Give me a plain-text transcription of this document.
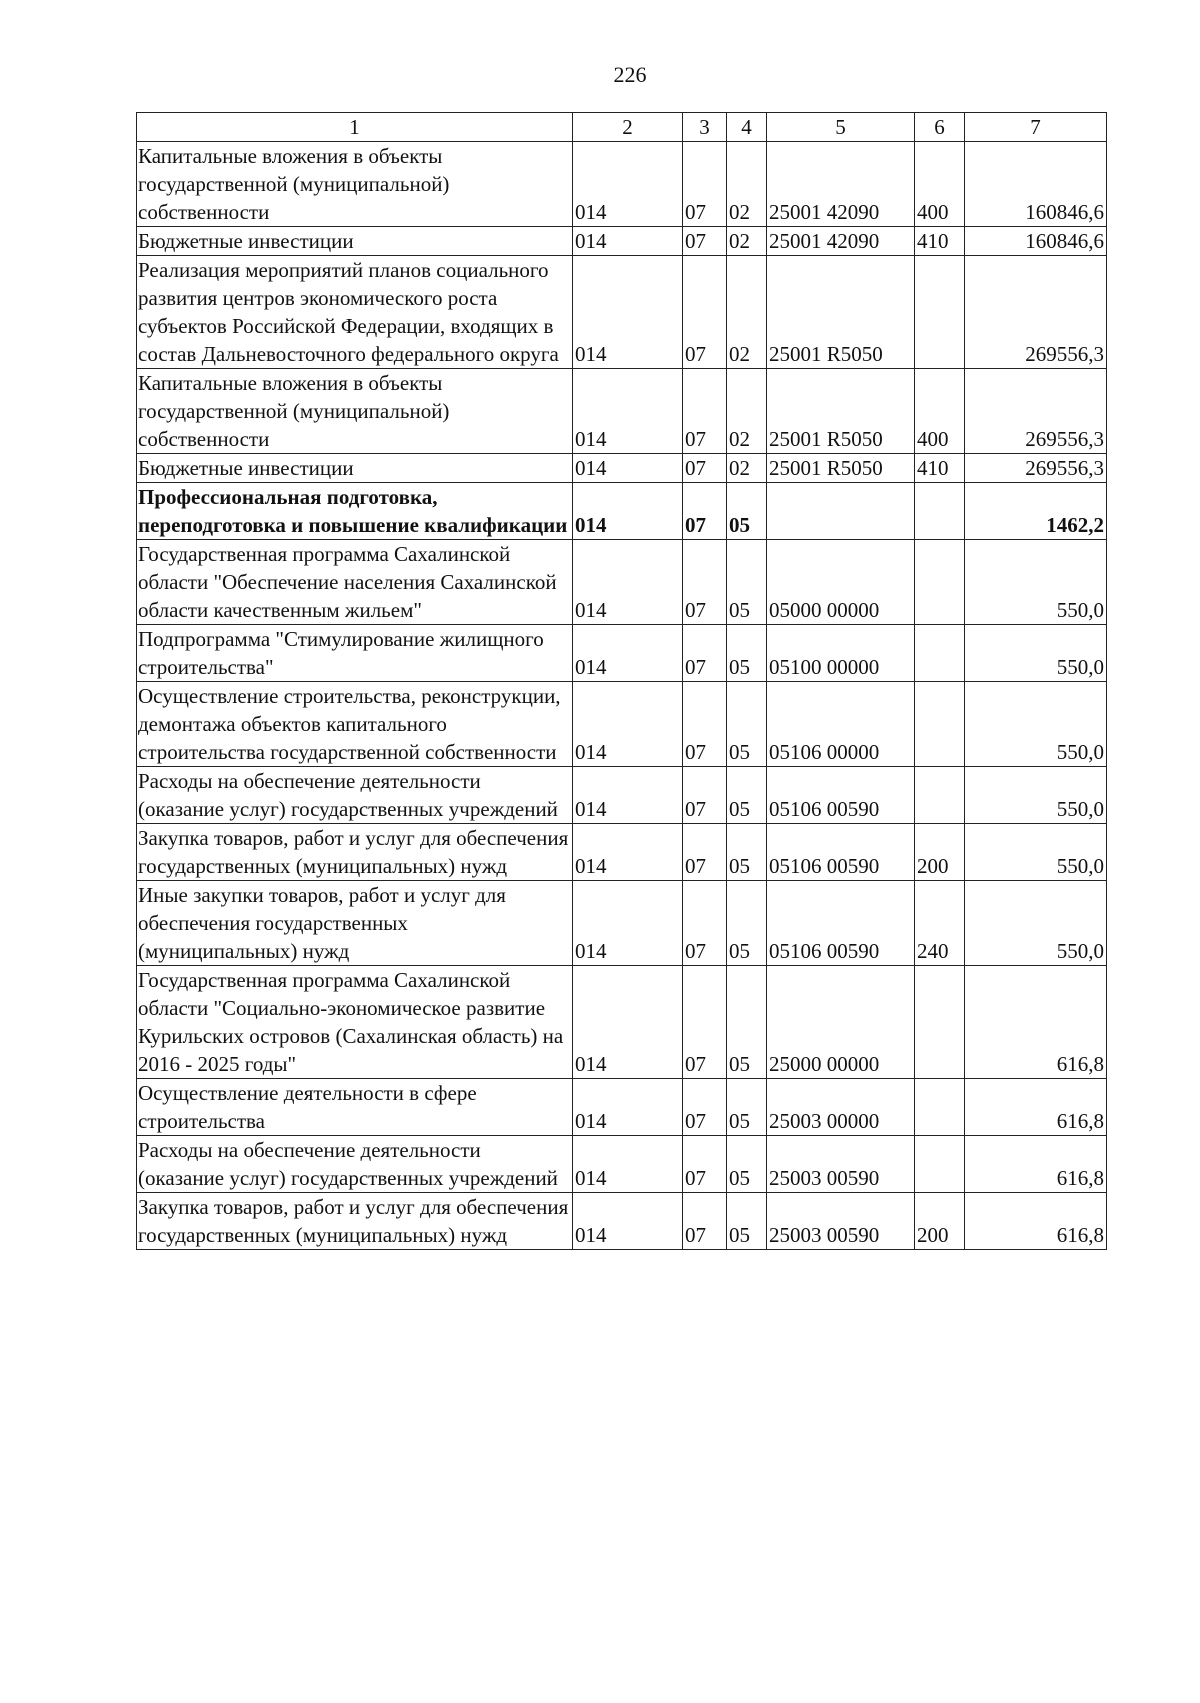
226
1	2	3	4	5	6	7
Капитальные вложения в объекты государственной (муниципальной) собственности	014	07	02	25001 42090	400	160846,6
Бюджетные инвестиции	014	07	02	25001 42090	410	160846,6
Реализация мероприятий планов социального развития центров экономического роста субъектов Российской Федерации, входящих в состав Дальневосточного федерального округа	014	07	02	25001 R5050		269556,3
Капитальные вложения в объекты государственной (муниципальной) собственности	014	07	02	25001 R5050	400	269556,3
Бюджетные инвестиции	014	07	02	25001 R5050	410	269556,3
Профессиональная подготовка, переподготовка и повышение квалификации	014	07	05			1462,2
Государственная программа Сахалинской области "Обеспечение населения Сахалинской области качественным жильем"	014	07	05	05000 00000		550,0
Подпрограмма "Стимулирование жилищного строительства"	014	07	05	05100 00000		550,0
Осуществление строительства, реконструкции, демонтажа объектов капитального строительства государственной собственности	014	07	05	05106 00000		550,0
Расходы на обеспечение деятельности (оказание услуг) государственных учреждений	014	07	05	05106 00590		550,0
Закупка товаров, работ и услуг для обеспечения государственных (муниципальных) нужд	014	07	05	05106 00590	200	550,0
Иные закупки товаров, работ и услуг для обеспечения государственных (муниципальных) нужд	014	07	05	05106 00590	240	550,0
Государственная программа Сахалинской области "Социально-экономическое развитие Курильских островов (Сахалинская область) на 2016 - 2025 годы"	014	07	05	25000 00000		616,8
Осуществление деятельности в сфере строительства	014	07	05	25003 00000		616,8
Расходы на обеспечение деятельности (оказание услуг) государственных учреждений	014	07	05	25003 00590		616,8
Закупка товаров, работ и услуг для обеспечения государственных (муниципальных) нужд	014	07	05	25003 00590	200	616,8
